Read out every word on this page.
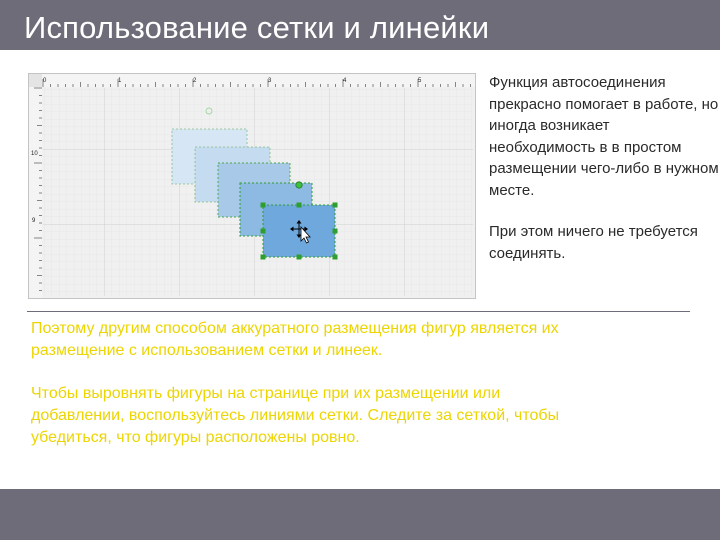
Использование сетки и линейки
0	1	2	3	4	5
10
9

Функция автосоединения прекрасно помогает в работе, но иногда возникает необходимость в в простом размещении чего-либо в нужном месте.

При этом ничего не требуется соединять.

Поэтому другим способом аккуратного размещения фигур является их размещение с использованием сетки и линеек.

Чтобы выровнять фигуры на странице при их размещении или добавлении, воспользуйтесь линиями сетки. Следите за сеткой, чтобы убедиться, что фигуры расположены ровно.
